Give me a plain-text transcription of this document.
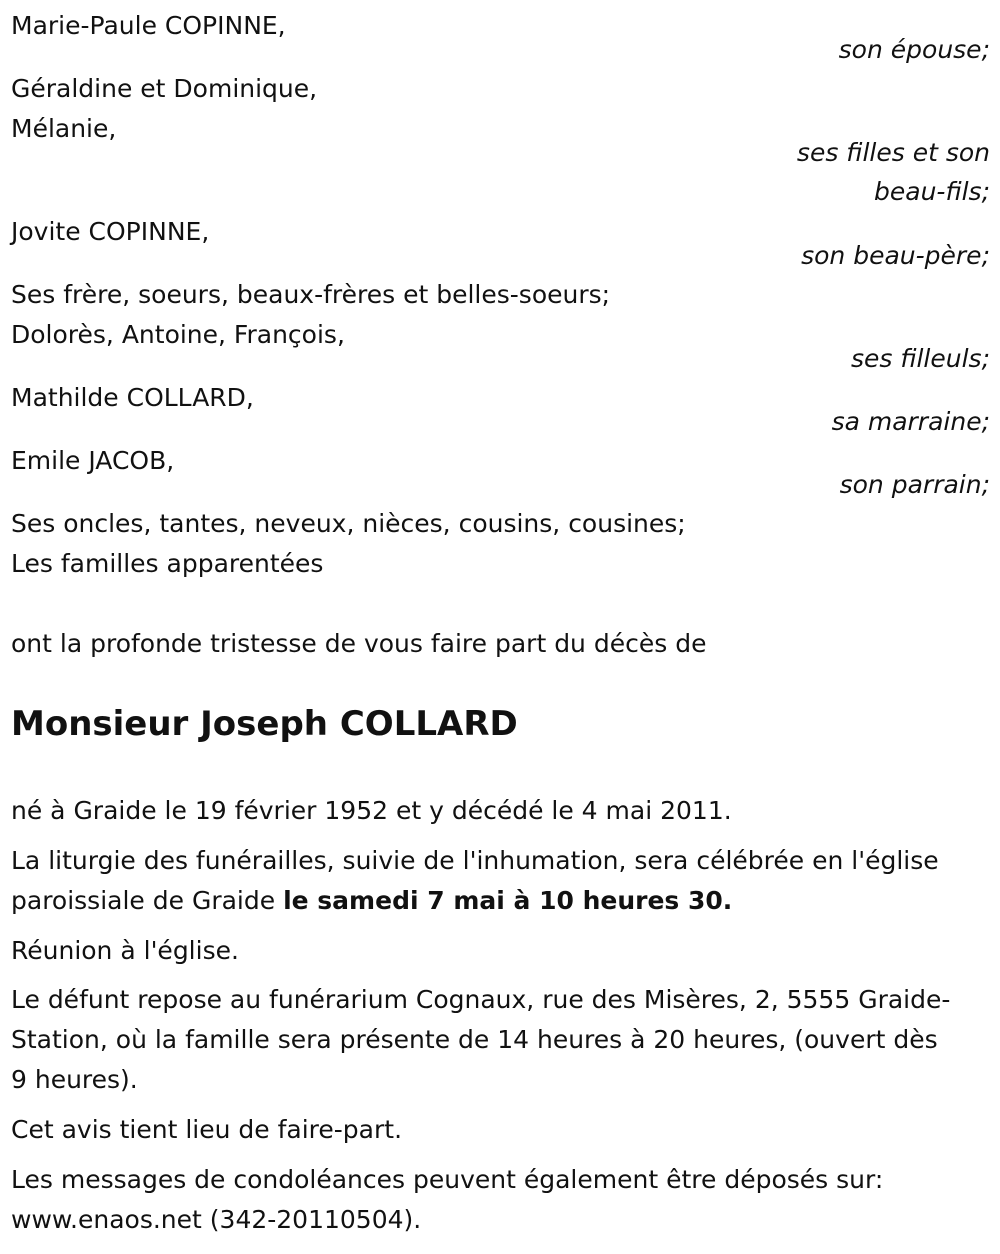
Marie-Paule COPINNE,
son épouse;
Géraldine et Dominique,
Mélanie,
ses filles et son
beau-fils;
Jovite COPINNE,
son beau-père;
Ses frère, soeurs, beaux-frères et belles-soeurs;
Dolorès, Antoine, François,
ses filleuls;
Mathilde COLLARD,
sa marraine;
Emile JACOB,
son parrain;
Ses oncles, tantes, neveux, nièces, cousins, cousines;
Les familles apparentées
ont la profonde tristesse de vous faire part du décès de
Monsieur Joseph COLLARD
né à Graide le 19 février 1952 et y décédé le 4 mai 2011.
La liturgie des funérailles, suivie de l'inhumation, sera célébrée en l'église paroissiale de Graide le samedi 7 mai à 10 heures 30.
Réunion à l'église.
Le défunt repose au funérarium Cognaux, rue des Misères, 2, 5555 Graide-Station, où la famille sera présente de 14 heures à 20 heures, (ouvert dès 9 heures).
Cet avis tient lieu de faire-part.
Les messages de condoléances peuvent également être déposés sur: www.enaos.net (342-20110504).
